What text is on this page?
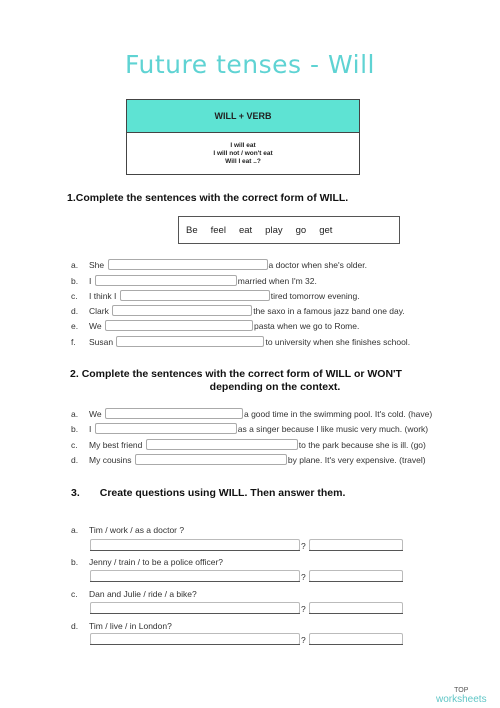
Future tenses - Will
WILL + VERB
I will eat
I will not / won't eat
Will I eat ..?
1.Complete the sentences with the correct form of WILL.
Be feel eat play go get
a. She	a doctor when she's older.
b. I	married when I'm 32.
c. I think I	tired tomorrow evening.
d. Clark	the saxo in a famous jazz band one day.
e. We	pasta when we go to Rome.
f. Susan	to university when she finishes school.
2. Complete the sentences with the correct form of WILL or WON'T
depending on the context.
a. We	a good time in the swimming pool. It's cold. (have)
b. I	as a singer because I like music very much. (work)
c. My best friend	to the park because she is ill. (go)
d. My cousins	by plane. It's very expensive. (travel)
3. Create questions using WILL. Then answer them.
a. Tim / work / as a doctor ?
?
b. Jenny / train / to be a police officer?
?
c. Dan and Julie / ride / a bike?
?
d. Tim / live / in London?
?
TOP
worksheets
